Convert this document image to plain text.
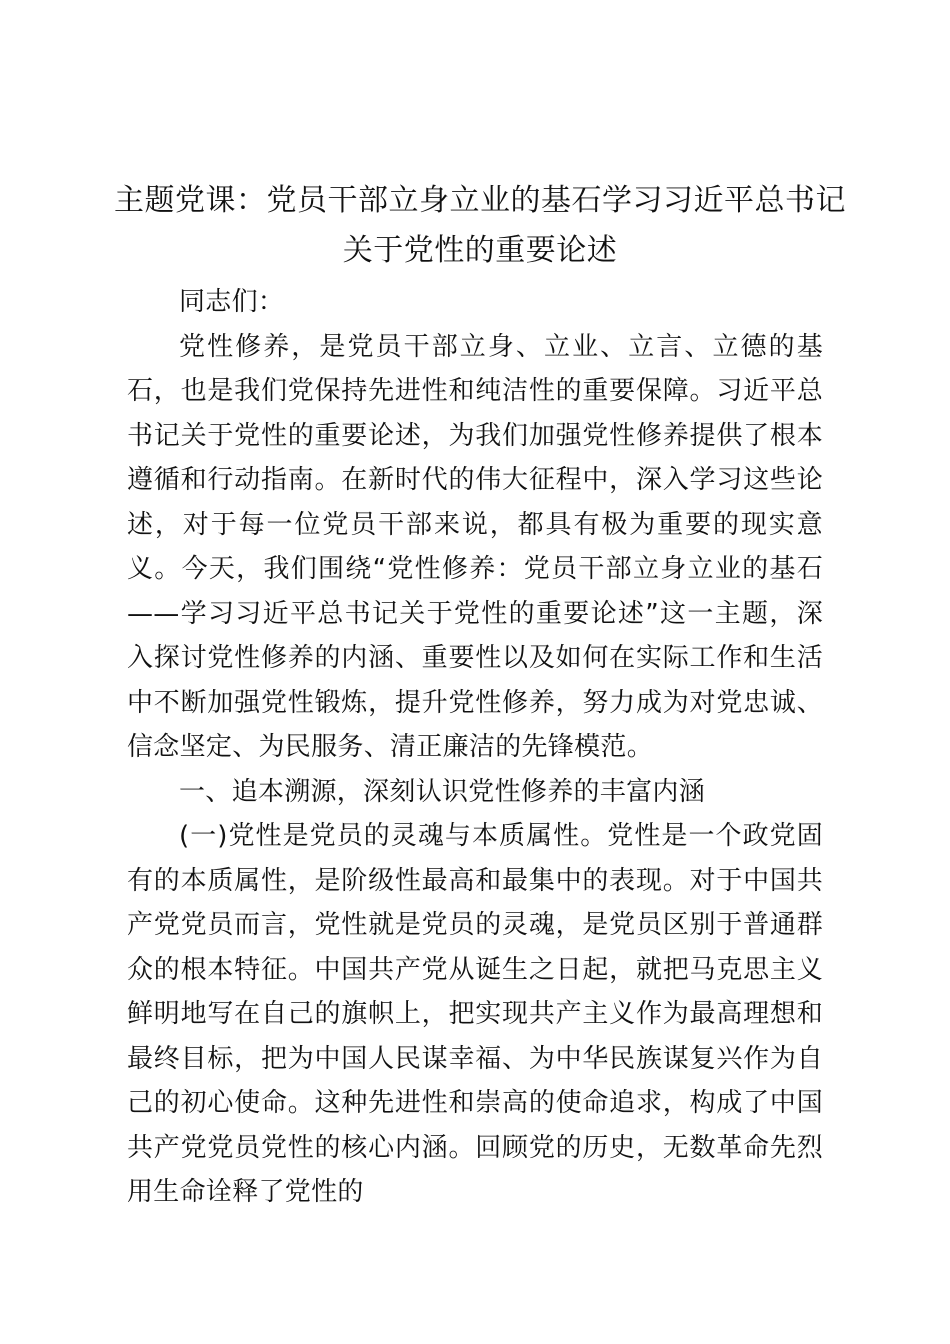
主题党课：党员干部立身立业的基石学习习近平总书记关于党性的重要论述

同志们：

党性修养，是党员干部立身、立业、立言、立德的基石，也是我们党保持先进性和纯洁性的重要保障。习近平总书记关于党性的重要论述，为我们加强党性修养提供了根本遵循和行动指南。在新时代的伟大征程中，深入学习这些论述，对于每一位党员干部来说，都具有极为重要的现实意义。今天，我们围绕“党性修养：党员干部立身立业的基石——学习习近平总书记关于党性的重要论述”这一主题，深入探讨党性修养的内涵、重要性以及如何在实际工作和生活中不断加强党性锻炼，提升党性修养，努力成为对党忠诚、信念坚定、为民服务、清正廉洁的先锋模范。

一、追本溯源，深刻认识党性修养的丰富内涵

(一)党性是党员的灵魂与本质属性。党性是一个政党固有的本质属性，是阶级性最高和最集中的表现。对于中国共产党党员而言，党性就是党员的灵魂，是党员区别于普通群众的根本特征。中国共产党从诞生之日起，就把马克思主义鲜明地写在自己的旗帜上，把实现共产主义作为最高理想和最终目标，把为中国人民谋幸福、为中华民族谋复兴作为自己的初心使命。这种先进性和崇高的使命追求，构成了中国共产党党员党性的核心内涵。回顾党的历史，无数革命先烈用生命诠释了党性的
